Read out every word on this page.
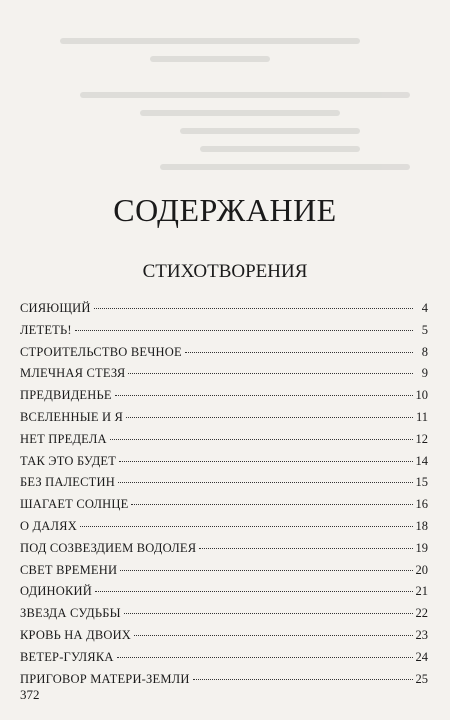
СОДЕРЖАНИЕ
СТИХОТВОРЕНИЯ
СИЯЮЩИЙ	4
ЛЕТЕТЬ!	5
СТРОИТЕЛЬСТВО ВЕЧНОЕ	8
МЛЕЧНАЯ СТЕЗЯ	9
ПРЕДВИДЕНЬЕ	10
ВСЕЛЕННЫЕ И Я	11
НЕТ ПРЕДЕЛА	12
ТАК ЭТО БУДЕТ	14
БЕЗ ПАЛЕСТИН	15
ШАГАЕТ СОЛНЦЕ	16
О ДАЛЯХ	18
ПОД СОЗВЕЗДИЕМ ВОДОЛЕЯ	19
СВЕТ ВРЕМЕНИ	20
ОДИНОКИЙ	21
ЗВЕЗДА СУДЬБЫ	22
КРОВЬ НА ДВОИХ	23
ВЕТЕР-ГУЛЯКА	24
ПРИГОВОР МАТЕРИ-ЗЕМЛИ	25
372
